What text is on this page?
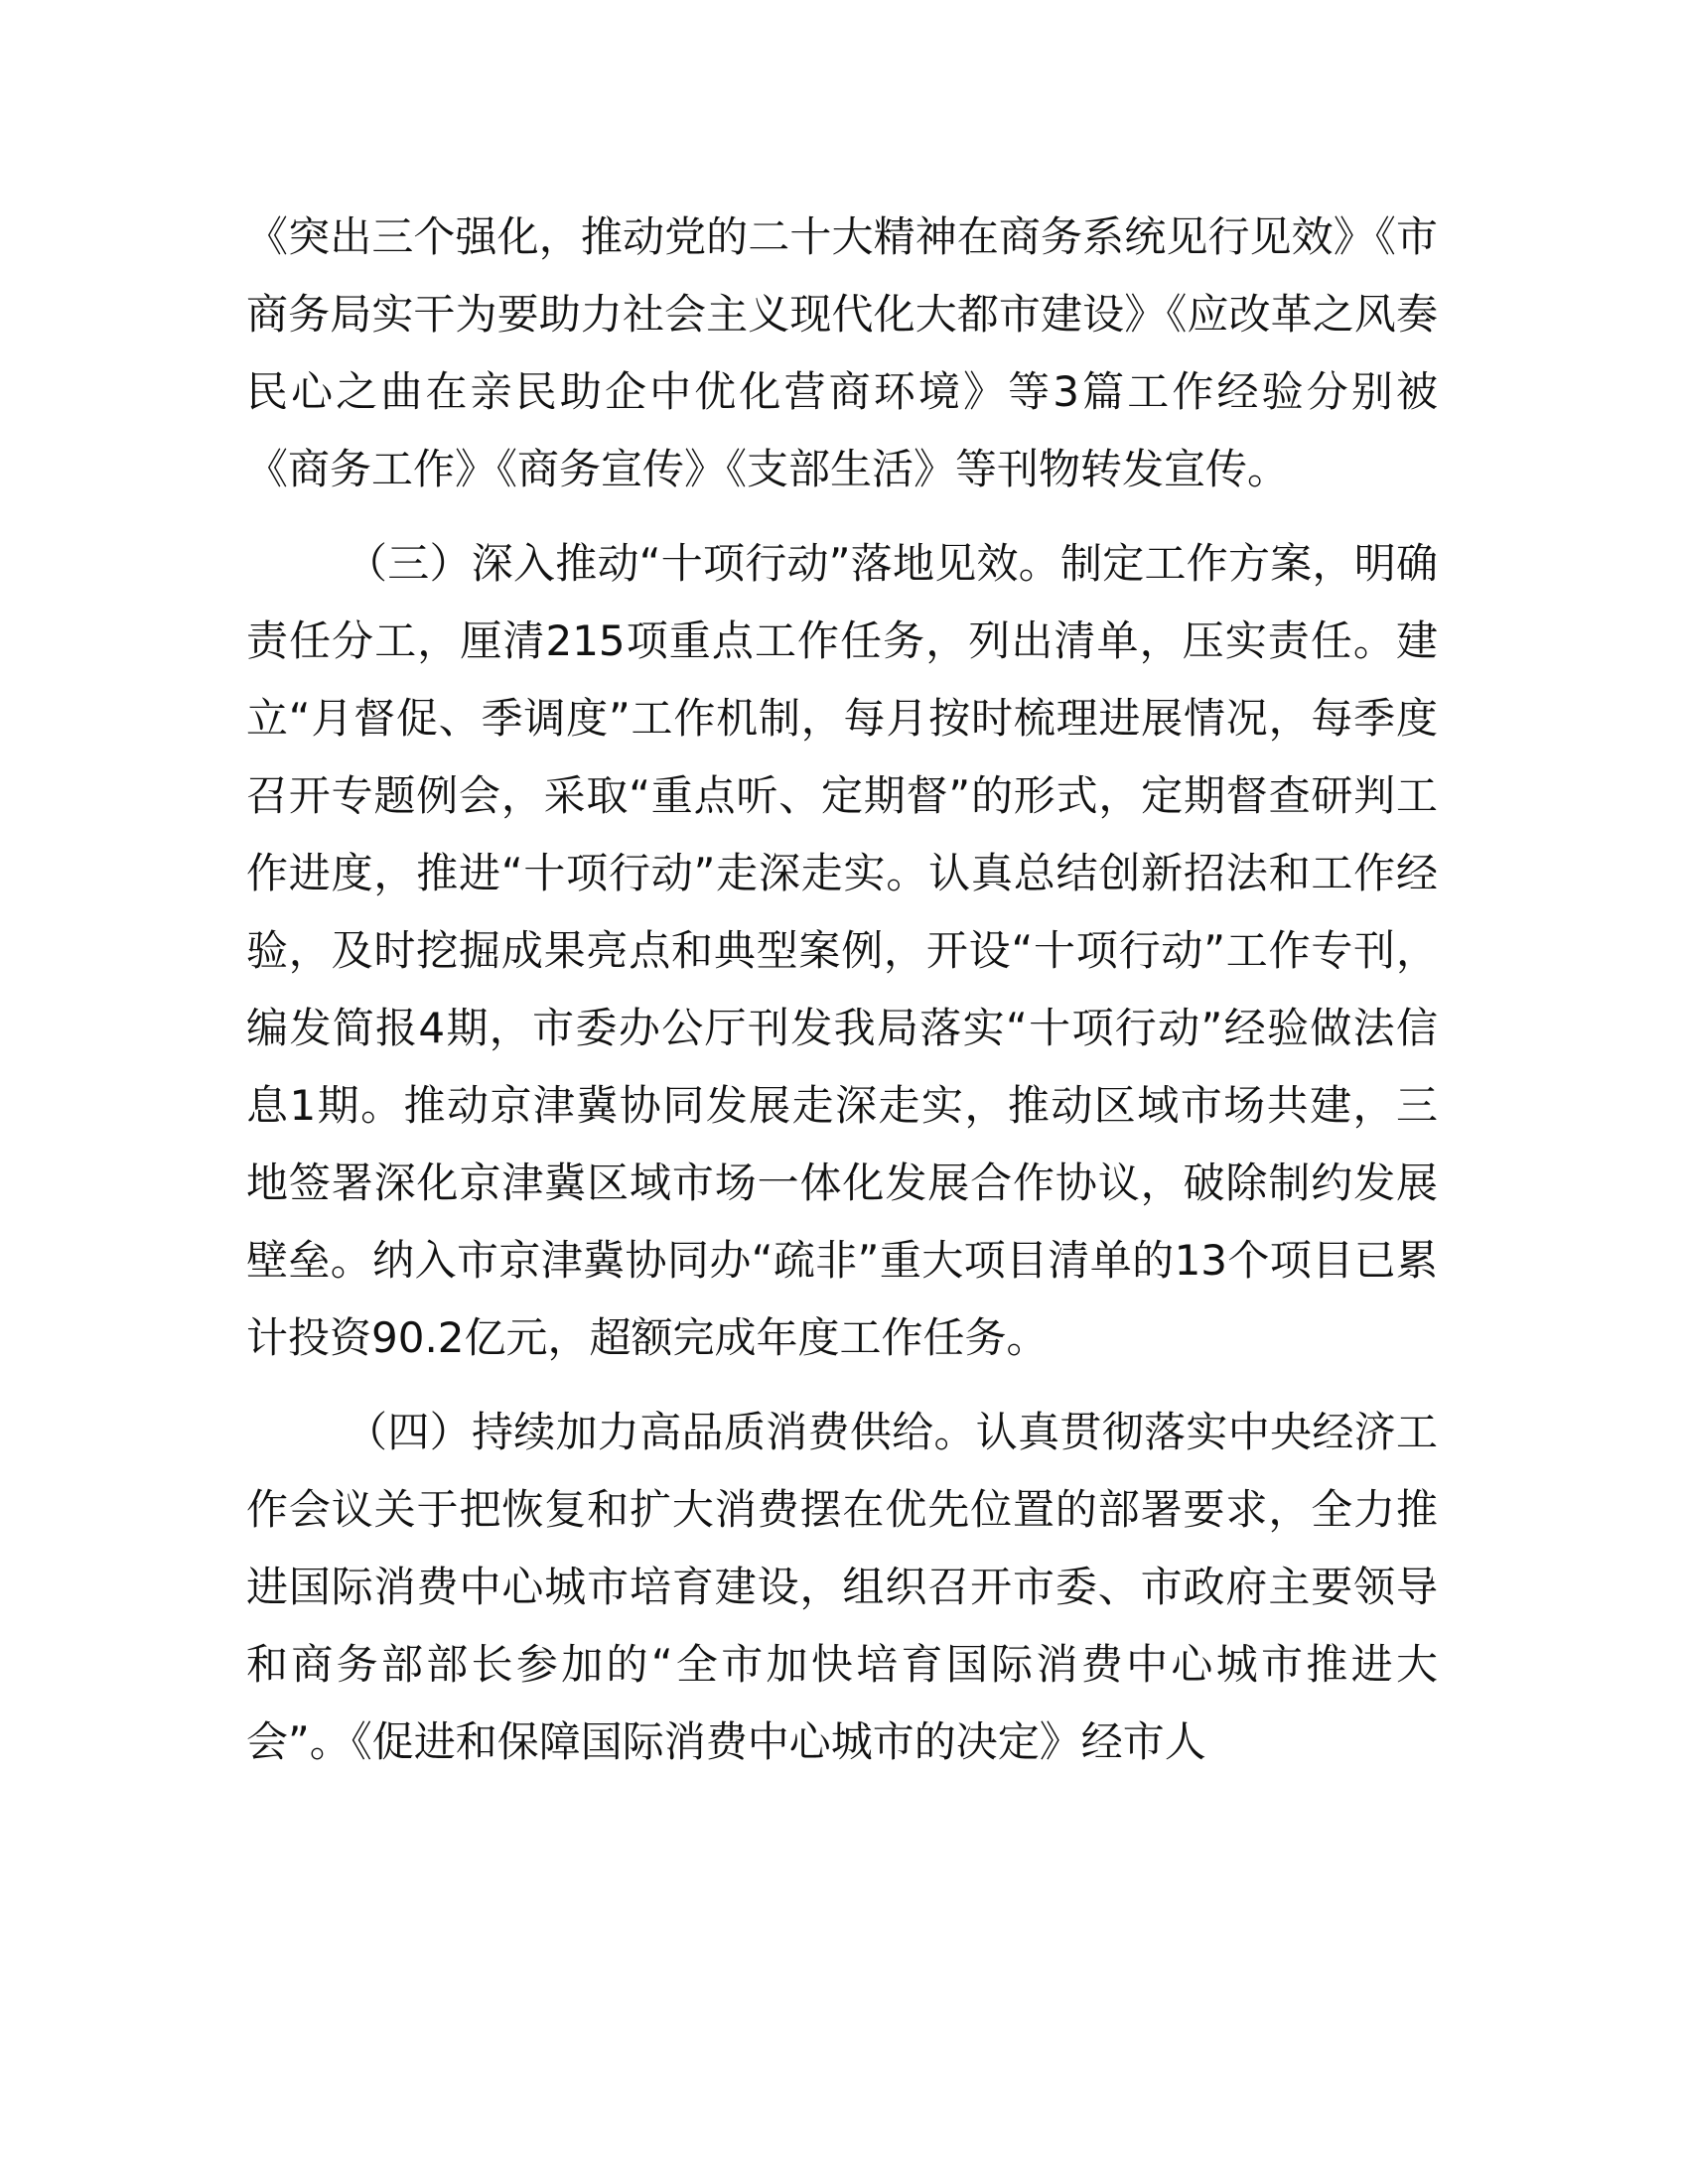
《突出三个强化，推动党的二十大精神在商务系统见行见效》《市商务局实干为要助力社会主义现代化大都市建设》《应改革之风奏民心之曲在亲民助企中优化营商环境》等3篇工作经验分别被《商务工作》《商务宣传》《支部生活》等刊物转发宣传。

（三）深入推动“十项行动”落地见效。制定工作方案，明确责任分工，厘清215项重点工作任务，列出清单，压实责任。建立“月督促、季调度”工作机制，每月按时梳理进展情况，每季度召开专题例会，采取“重点听、定期督”的形式，定期督查研判工作进度，推进“十项行动”走深走实。认真总结创新招法和工作经验，及时挖掘成果亮点和典型案例，开设“十项行动”工作专刊，编发简报4期，市委办公厅刊发我局落实“十项行动”经验做法信息1期。推动京津冀协同发展走深走实，推动区域市场共建，三地签署深化京津冀区域市场一体化发展合作协议，破除制约发展壁垒。纳入市京津冀协同办“疏非”重大项目清单的13个项目已累计投资90.2亿元，超额完成年度工作任务。

（四）持续加力高品质消费供给。认真贯彻落实中央经济工作会议关于把恢复和扩大消费摆在优先位置的部署要求，全力推进国际消费中心城市培育建设，组织召开市委、市政府主要领导和商务部部长参加的“全市加快培育国际消费中心城市推进大会”。《促进和保障国际消费中心城市的决定》经市人
